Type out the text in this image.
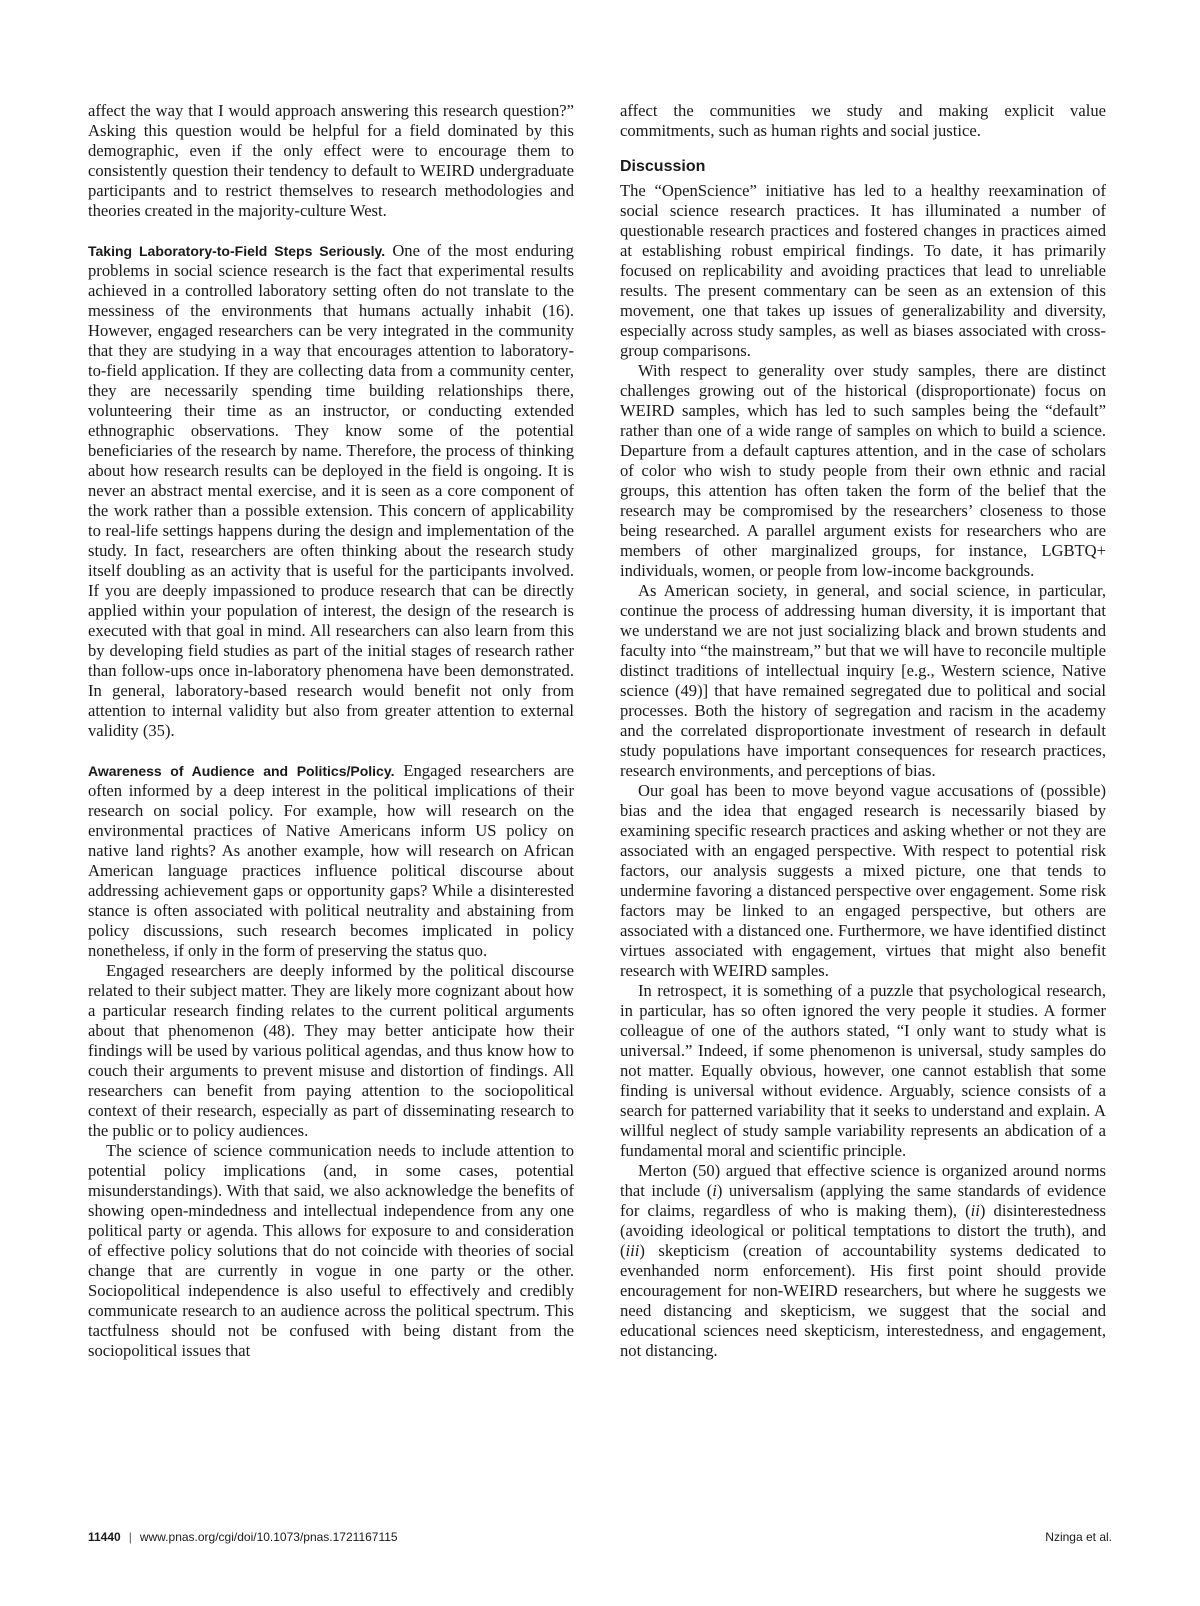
affect the way that I would approach answering this research question?” Asking this question would be helpful for a field dominated by this demographic, even if the only effect were to encourage them to consistently question their tendency to default to WEIRD undergraduate participants and to restrict themselves to research methodologies and theories created in the majority-culture West.

Taking Laboratory-to-Field Steps Seriously. One of the most enduring problems in social science research is the fact that experimental results achieved in a controlled laboratory setting often do not translate to the messiness of the environments that humans actually inhabit (16). However, engaged researchers can be very integrated in the community that they are studying in a way that encourages attention to laboratory-to-field application. If they are collecting data from a community center, they are necessarily spending time building relationships there, volunteering their time as an instructor, or conducting extended ethnographic observations. They know some of the potential beneficiaries of the research by name. Therefore, the process of thinking about how research results can be deployed in the field is ongoing. It is never an abstract mental exercise, and it is seen as a core component of the work rather than a possible extension. This concern of applicability to real-life settings happens during the design and implementation of the study. In fact, researchers are often thinking about the research study itself doubling as an activity that is useful for the participants involved. If you are deeply impassioned to produce research that can be directly applied within your population of interest, the design of the research is executed with that goal in mind. All researchers can also learn from this by developing field studies as part of the initial stages of research rather than follow-ups once in-laboratory phenomena have been demonstrated. In general, laboratory-based research would benefit not only from attention to internal validity but also from greater attention to external validity (35).

Awareness of Audience and Politics/Policy. Engaged researchers are often informed by a deep interest in the political implications of their research on social policy. For example, how will research on the environmental practices of Native Americans inform US policy on native land rights? As another example, how will research on African American language practices influence political discourse about addressing achievement gaps or opportunity gaps? While a disinterested stance is often associated with political neutrality and abstaining from policy discussions, such research becomes implicated in policy nonetheless, if only in the form of preserving the status quo.

Engaged researchers are deeply informed by the political discourse related to their subject matter. They are likely more cognizant about how a particular research finding relates to the current political arguments about that phenomenon (48). They may better anticipate how their findings will be used by various political agendas, and thus know how to couch their arguments to prevent misuse and distortion of findings. All researchers can benefit from paying attention to the sociopolitical context of their research, especially as part of disseminating research to the public or to policy audiences.

The science of science communication needs to include attention to potential policy implications (and, in some cases, potential misunderstandings). With that said, we also acknowledge the benefits of showing open-mindedness and intellectual independence from any one political party or agenda. This allows for exposure to and consideration of effective policy solutions that do not coincide with theories of social change that are currently in vogue in one party or the other. Sociopolitical independence is also useful to effectively and credibly communicate research to an audience across the political spectrum. This tactfulness should not be confused with being distant from the sociopolitical issues that

affect the communities we study and making explicit value commitments, such as human rights and social justice.

Discussion

The “OpenScience” initiative has led to a healthy reexamination of social science research practices. It has illuminated a number of questionable research practices and fostered changes in practices aimed at establishing robust empirical findings. To date, it has primarily focused on replicability and avoiding practices that lead to unreliable results. The present commentary can be seen as an extension of this movement, one that takes up issues of generalizability and diversity, especially across study samples, as well as biases associated with cross-group comparisons.

With respect to generality over study samples, there are distinct challenges growing out of the historical (disproportionate) focus on WEIRD samples, which has led to such samples being the “default” rather than one of a wide range of samples on which to build a science. Departure from a default captures attention, and in the case of scholars of color who wish to study people from their own ethnic and racial groups, this attention has often taken the form of the belief that the research may be compromised by the researchers’ closeness to those being researched. A parallel argument exists for researchers who are members of other marginalized groups, for instance, LGBTQ+ individuals, women, or people from low-income backgrounds.

As American society, in general, and social science, in particular, continue the process of addressing human diversity, it is important that we understand we are not just socializing black and brown students and faculty into “the mainstream,” but that we will have to reconcile multiple distinct traditions of intellectual inquiry [e.g., Western science, Native science (49)] that have remained segregated due to political and social processes. Both the history of segregation and racism in the academy and the correlated disproportionate investment of research in default study populations have important consequences for research practices, research environments, and perceptions of bias.

Our goal has been to move beyond vague accusations of (possible) bias and the idea that engaged research is necessarily biased by examining specific research practices and asking whether or not they are associated with an engaged perspective. With respect to potential risk factors, our analysis suggests a mixed picture, one that tends to undermine favoring a distanced perspective over engagement. Some risk factors may be linked to an engaged perspective, but others are associated with a distanced one. Furthermore, we have identified distinct virtues associated with engagement, virtues that might also benefit research with WEIRD samples.

In retrospect, it is something of a puzzle that psychological research, in particular, has so often ignored the very people it studies. A former colleague of one of the authors stated, “I only want to study what is universal.” Indeed, if some phenomenon is universal, study samples do not matter. Equally obvious, however, one cannot establish that some finding is universal without evidence. Arguably, science consists of a search for patterned variability that it seeks to understand and explain. A willful neglect of study sample variability represents an abdication of a fundamental moral and scientific principle.

Merton (50) argued that effective science is organized around norms that include (i) universalism (applying the same standards of evidence for claims, regardless of who is making them), (ii) disinterestedness (avoiding ideological or political temptations to distort the truth), and (iii) skepticism (creation of accountability systems dedicated to evenhanded norm enforcement). His first point should provide encouragement for non-WEIRD researchers, but where he suggests we need distancing and skepticism, we suggest that the social and educational sciences need skepticism, interestedness, and engagement, not distancing.

11440 | www.pnas.org/cgi/doi/10.1073/pnas.1721167115	Nzinga et al.
